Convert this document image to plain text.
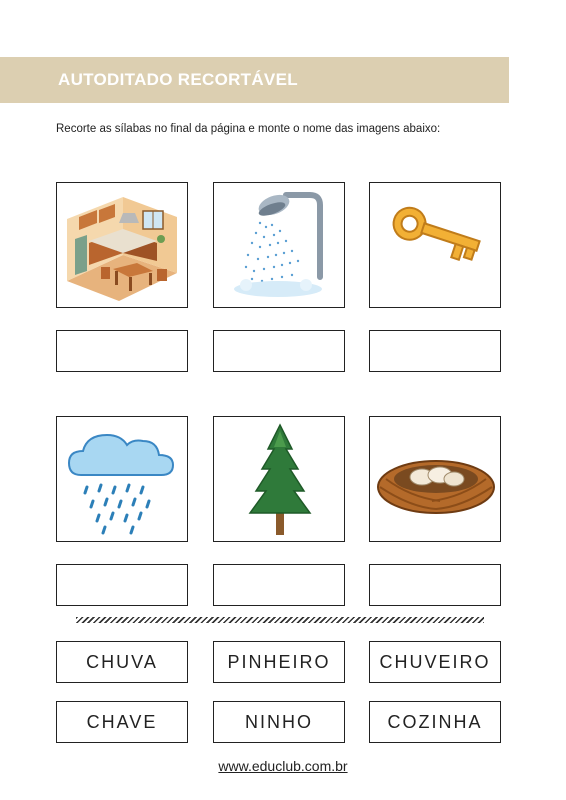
AUTODITADO RECORTÁVEL
Recorte as sílabas no final da página e monte o nome das imagens abaixo:
CHUVA	PINHEIRO	CHUVEIRO
CHAVE	NINHO	COZINHA
www.educlub.com.br
